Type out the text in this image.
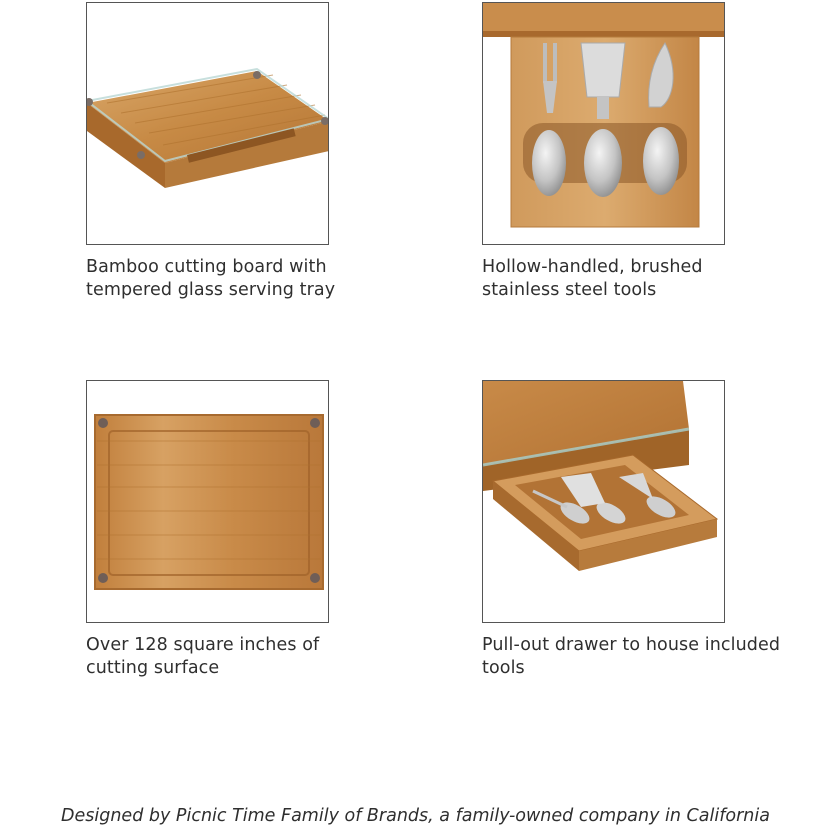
Bamboo cutting board with
tempered glass serving tray
Hollow-handled, brushed
stainless steel tools
Over 128 square inches of
cutting surface
Pull-out drawer to house included
tools
Designed by Picnic Time Family of Brands, a family-owned company in California
